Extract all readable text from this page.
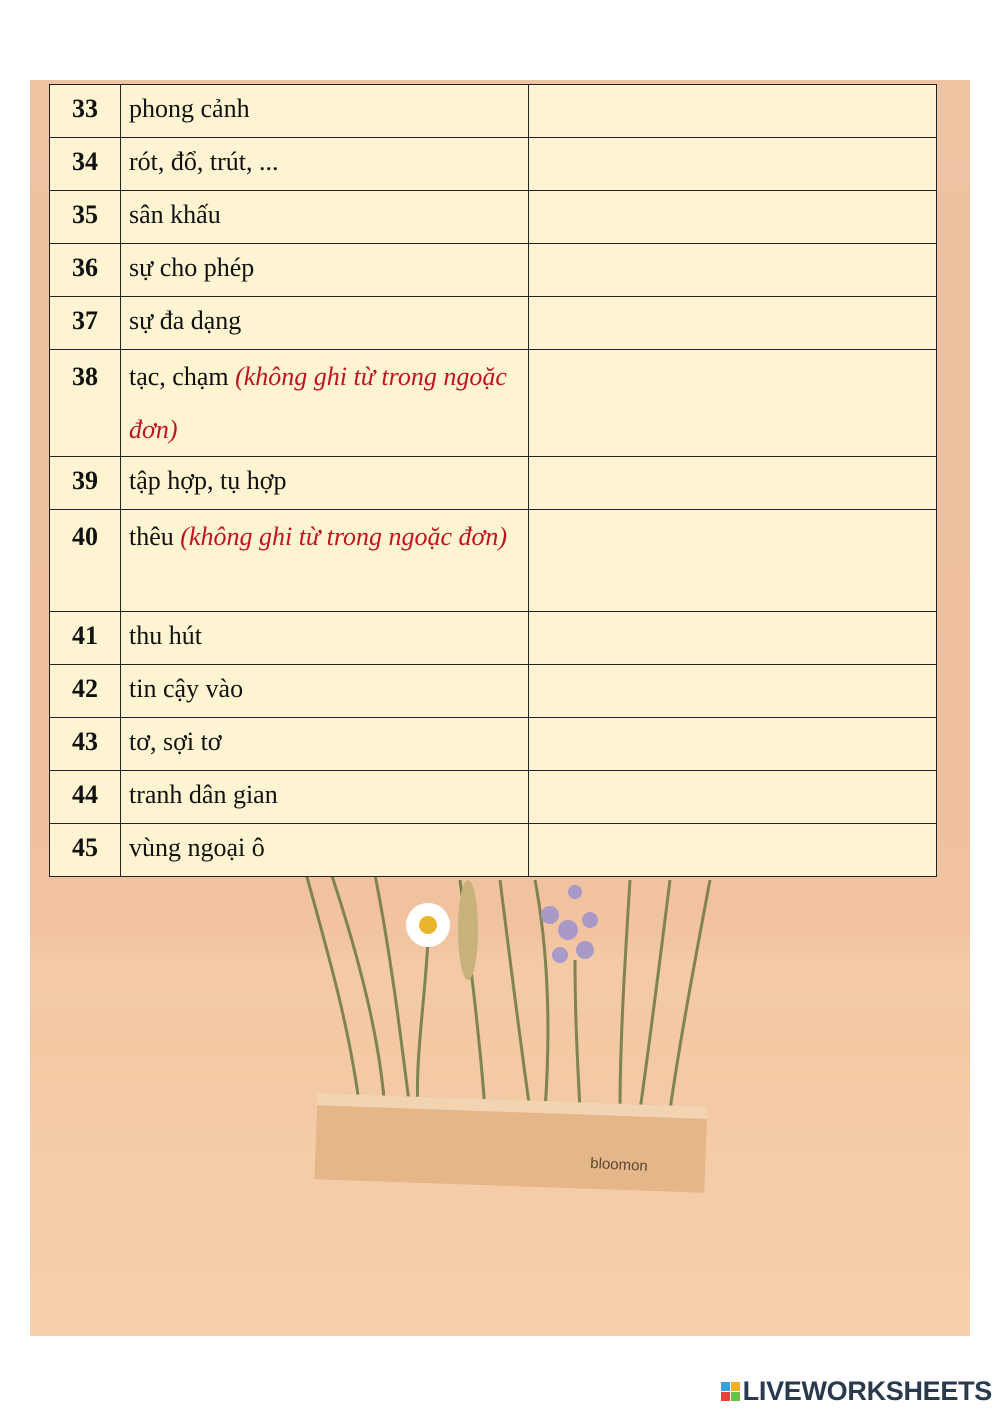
bloomon
33	phong cảnh	
34	rót, đổ, trút, ...	
35	sân khấu	
36	sự cho phép	
37	sự đa dạng	
38	tạc, chạm (không ghi từ trong ngoặc đơn)	
39	tập hợp, tụ hợp	
40	thêu (không ghi từ trong ngoặc đơn)	
41	thu hút	
42	tin cậy vào	
43	tơ, sợi tơ	
44	tranh dân gian	
45	vùng ngoại ô	
LIVEWORKSHEETS
